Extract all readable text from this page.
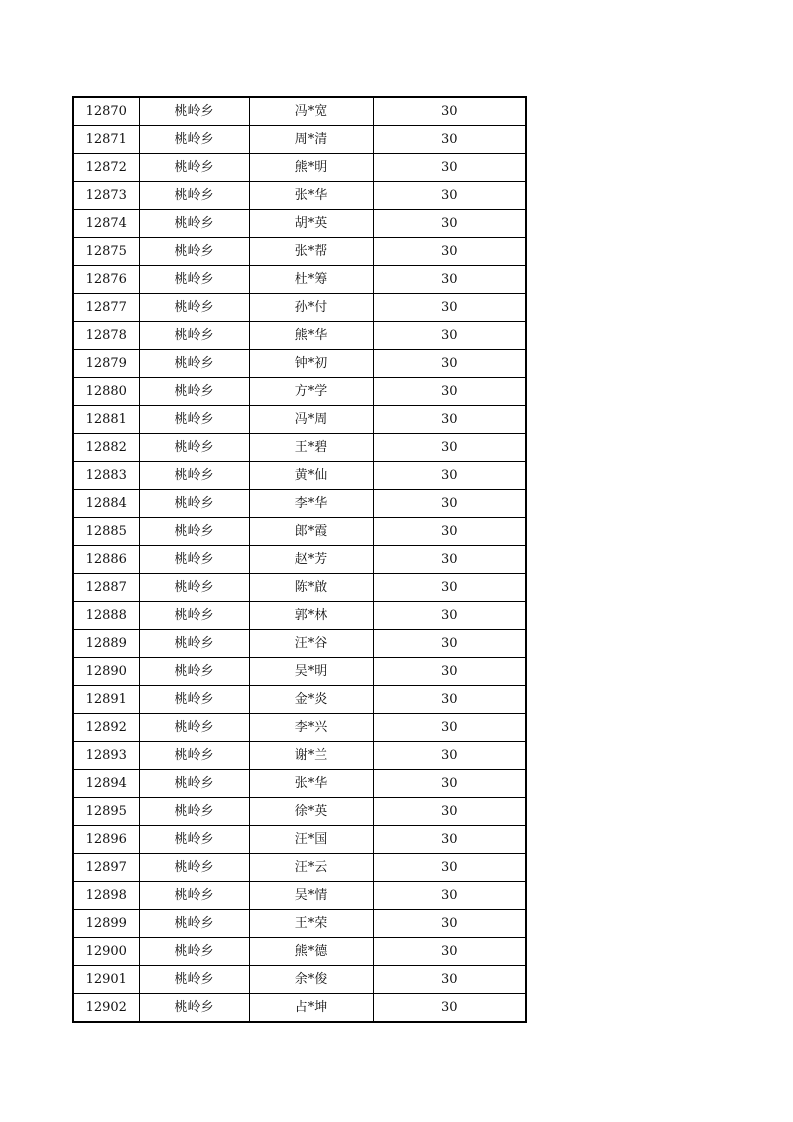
12870	桃岭乡	冯*宽	30
12871	桃岭乡	周*清	30
12872	桃岭乡	熊*明	30
12873	桃岭乡	张*华	30
12874	桃岭乡	胡*英	30
12875	桃岭乡	张*帮	30
12876	桃岭乡	杜*筹	30
12877	桃岭乡	孙*付	30
12878	桃岭乡	熊*华	30
12879	桃岭乡	钟*初	30
12880	桃岭乡	方*学	30
12881	桃岭乡	冯*周	30
12882	桃岭乡	王*碧	30
12883	桃岭乡	黄*仙	30
12884	桃岭乡	李*华	30
12885	桃岭乡	郎*霞	30
12886	桃岭乡	赵*芳	30
12887	桃岭乡	陈*啟	30
12888	桃岭乡	郭*林	30
12889	桃岭乡	汪*谷	30
12890	桃岭乡	吴*明	30
12891	桃岭乡	金*炎	30
12892	桃岭乡	李*兴	30
12893	桃岭乡	谢*兰	30
12894	桃岭乡	张*华	30
12895	桃岭乡	徐*英	30
12896	桃岭乡	汪*国	30
12897	桃岭乡	汪*云	30
12898	桃岭乡	吴*情	30
12899	桃岭乡	王*荣	30
12900	桃岭乡	熊*德	30
12901	桃岭乡	余*俊	30
12902	桃岭乡	占*坤	30
